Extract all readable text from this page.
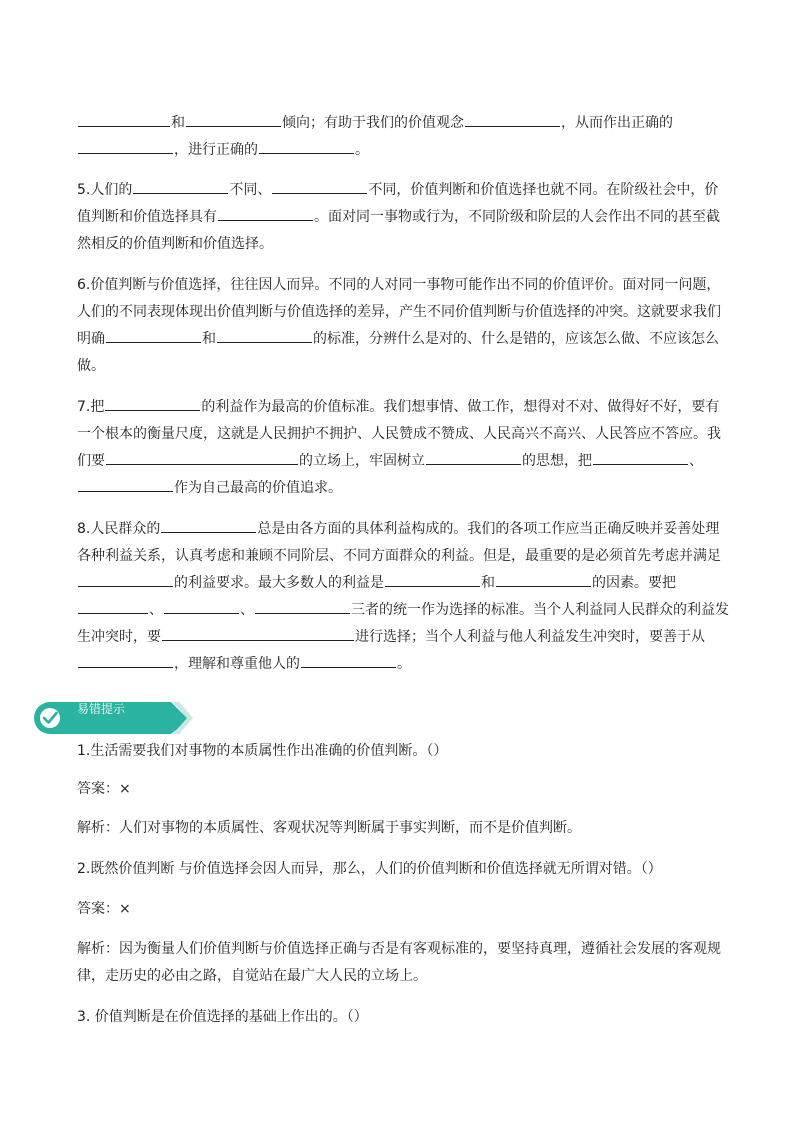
和	倾向；有助于我们的价值观念	，从而作出正确的
，进行正确的	。

5.人们的	不同、	不同，价值判断和价值选择也就不同。在阶级社会中，价
值判断和价值选择具有	。面对同一事物或行为，不同阶级和阶层的人会作出不同的甚至截
然相反的价值判断和价值选择。

6.价值判断与价值选择，往往因人而异。不同的人对同一事物可能作出不同的价值评价。面对同一问题，
人们的不同表现体现出价值判断与价值选择的差异，产生不同价值判断与价值选择的冲突。这就要求我们
明确	和	的标准，分辨什么是对的、什么是错的，应该怎么做、不应该怎么
做。

7.把	的利益作为最高的价值标准。我们想事情、做工作，想得对不对、做得好不好，要有
一个根本的衡量尺度，这就是人民拥护不拥护、人民赞成不赞成、人民高兴不高兴、人民答应不答应。我
们要	的立场上，牢固树立	的思想，把	、
作为自己最高的价值追求。

8.人民群众的	总是由各方面的具体利益构成的。我们的各项工作应当正确反映并妥善处理
各种利益关系，认真考虑和兼顾不同阶层、不同方面群众的利益。但是，最重要的是必须首先考虑并满足
的利益要求。最大多数人的利益是	和	的因素。要把
、	、	三者的统一作为选择的标准。当个人利益同人民群众的利益发
生冲突时，要	进行选择；当个人利益与他人利益发生冲突时，要善于从
，理解和尊重他人的	。

易错提示

1.生活需要我们对事物的本质属性作出准确的价值判断。（）

答案：×

解析：人们对事物的本质属性、客观状况等判断属于事实判断，而不是价值判断。

2.既然价值判断 与价值选择会因人而异，那么，人们的价值判断和价值选择就无所谓对错。（）

答案：×

解析：因为衡量人们价值判断与价值选择正确与否是有客观标准的，要坚持真理，遵循社会发展的客观规
律，走历史的必由之路，自觉站在最广大人民的立场上。

3. 价值判断是在价值选择的基础上作出的。（）
